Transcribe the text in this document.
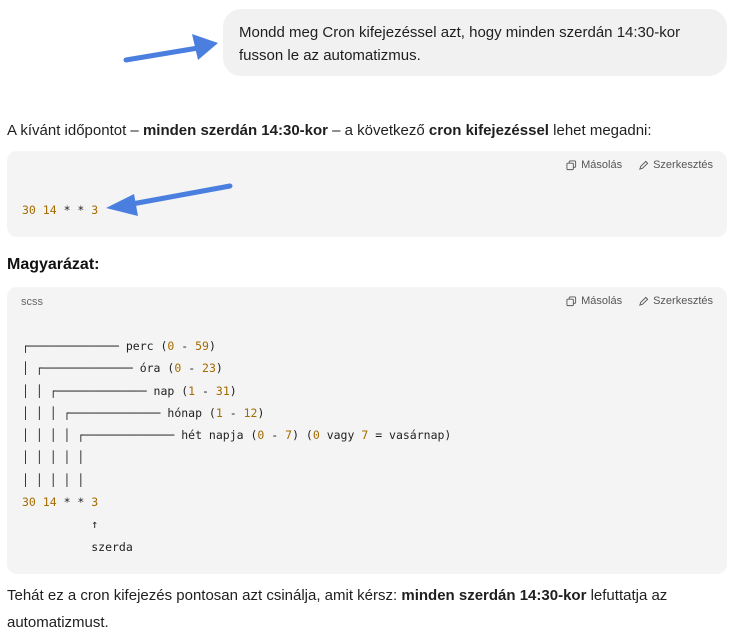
Mondd meg Cron kifejezéssel azt, hogy minden szerdán 14:30-kor
fusson le az automatizmus.
A kívánt időpontot – minden szerdán 14:30-kor – a következő cron kifejezéssel lehet megadni:
Másolás	Szerkesztés
30 14 * * 3
Magyarázat:
scss	Másolás	Szerkesztés
┌───────────── perc (0 - 59)
│ ┌───────────── óra (0 - 23)
│ │ ┌───────────── nap (1 - 31)
│ │ │ ┌───────────── hónap (1 - 12)
│ │ │ │ ┌───────────── hét napja (0 - 7) (0 vagy 7 = vasárnap)
│ │ │ │ │
│ │ │ │ │
30 14 * * 3
↑
szerda
Tehát ez a cron kifejezés pontosan azt csinálja, amit kérsz: minden szerdán 14:30-kor lefuttatja az
automatizmust.
